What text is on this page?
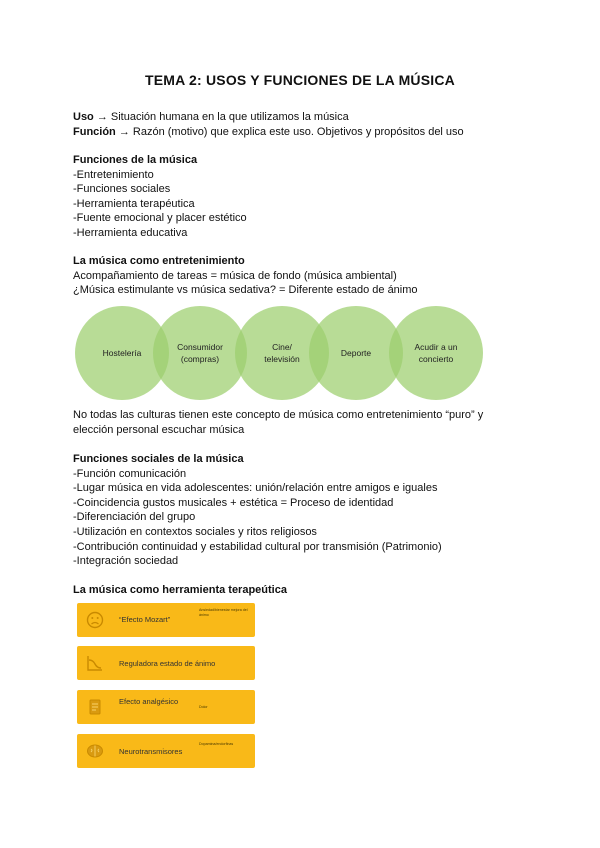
TEMA 2: USOS Y FUNCIONES DE LA MÚSICA
Uso → Situación humana en la que utilizamos la música
Función → Razón (motivo) que explica este uso. Objetivos y propósitos del uso
Funciones de la música
-Entretenimiento
-Funciones sociales
-Herramienta terapéutica
-Fuente emocional y placer estético
-Herramienta educativa
La música como entretenimiento
Acompañamiento de tareas = música de fondo (música ambiental)
¿Música estimulante vs música sedativa? = Diferente estado de ánimo
Hostelería
Consumidor
(compras)
Cine/
televisión
Deporte
Acudir a un
concierto
No todas las culturas tienen este concepto de música como entretenimiento “puro” y
elección personal escuchar música
Funciones sociales de la música
-Función comunicación
-Lugar música en vida adolescentes: unión/relación entre amigos e iguales
-Coincidencia gustos musicales + estética = Proceso de identidad
-Diferenciación del grupo
-Utilización en contextos sociales y ritos religiosos
-Contribución continuidad y estabilidad cultural por transmisión (Patrimonio)
-Integración sociedad
La música como herramienta terapeútica
“Efecto Mozart”
Ansiedad/bienestar mejora del ánimo
Reguladora estado de ánimo
Efecto analgésico
Dolor
Neurotransmisores
Dopamina/endorfinas
